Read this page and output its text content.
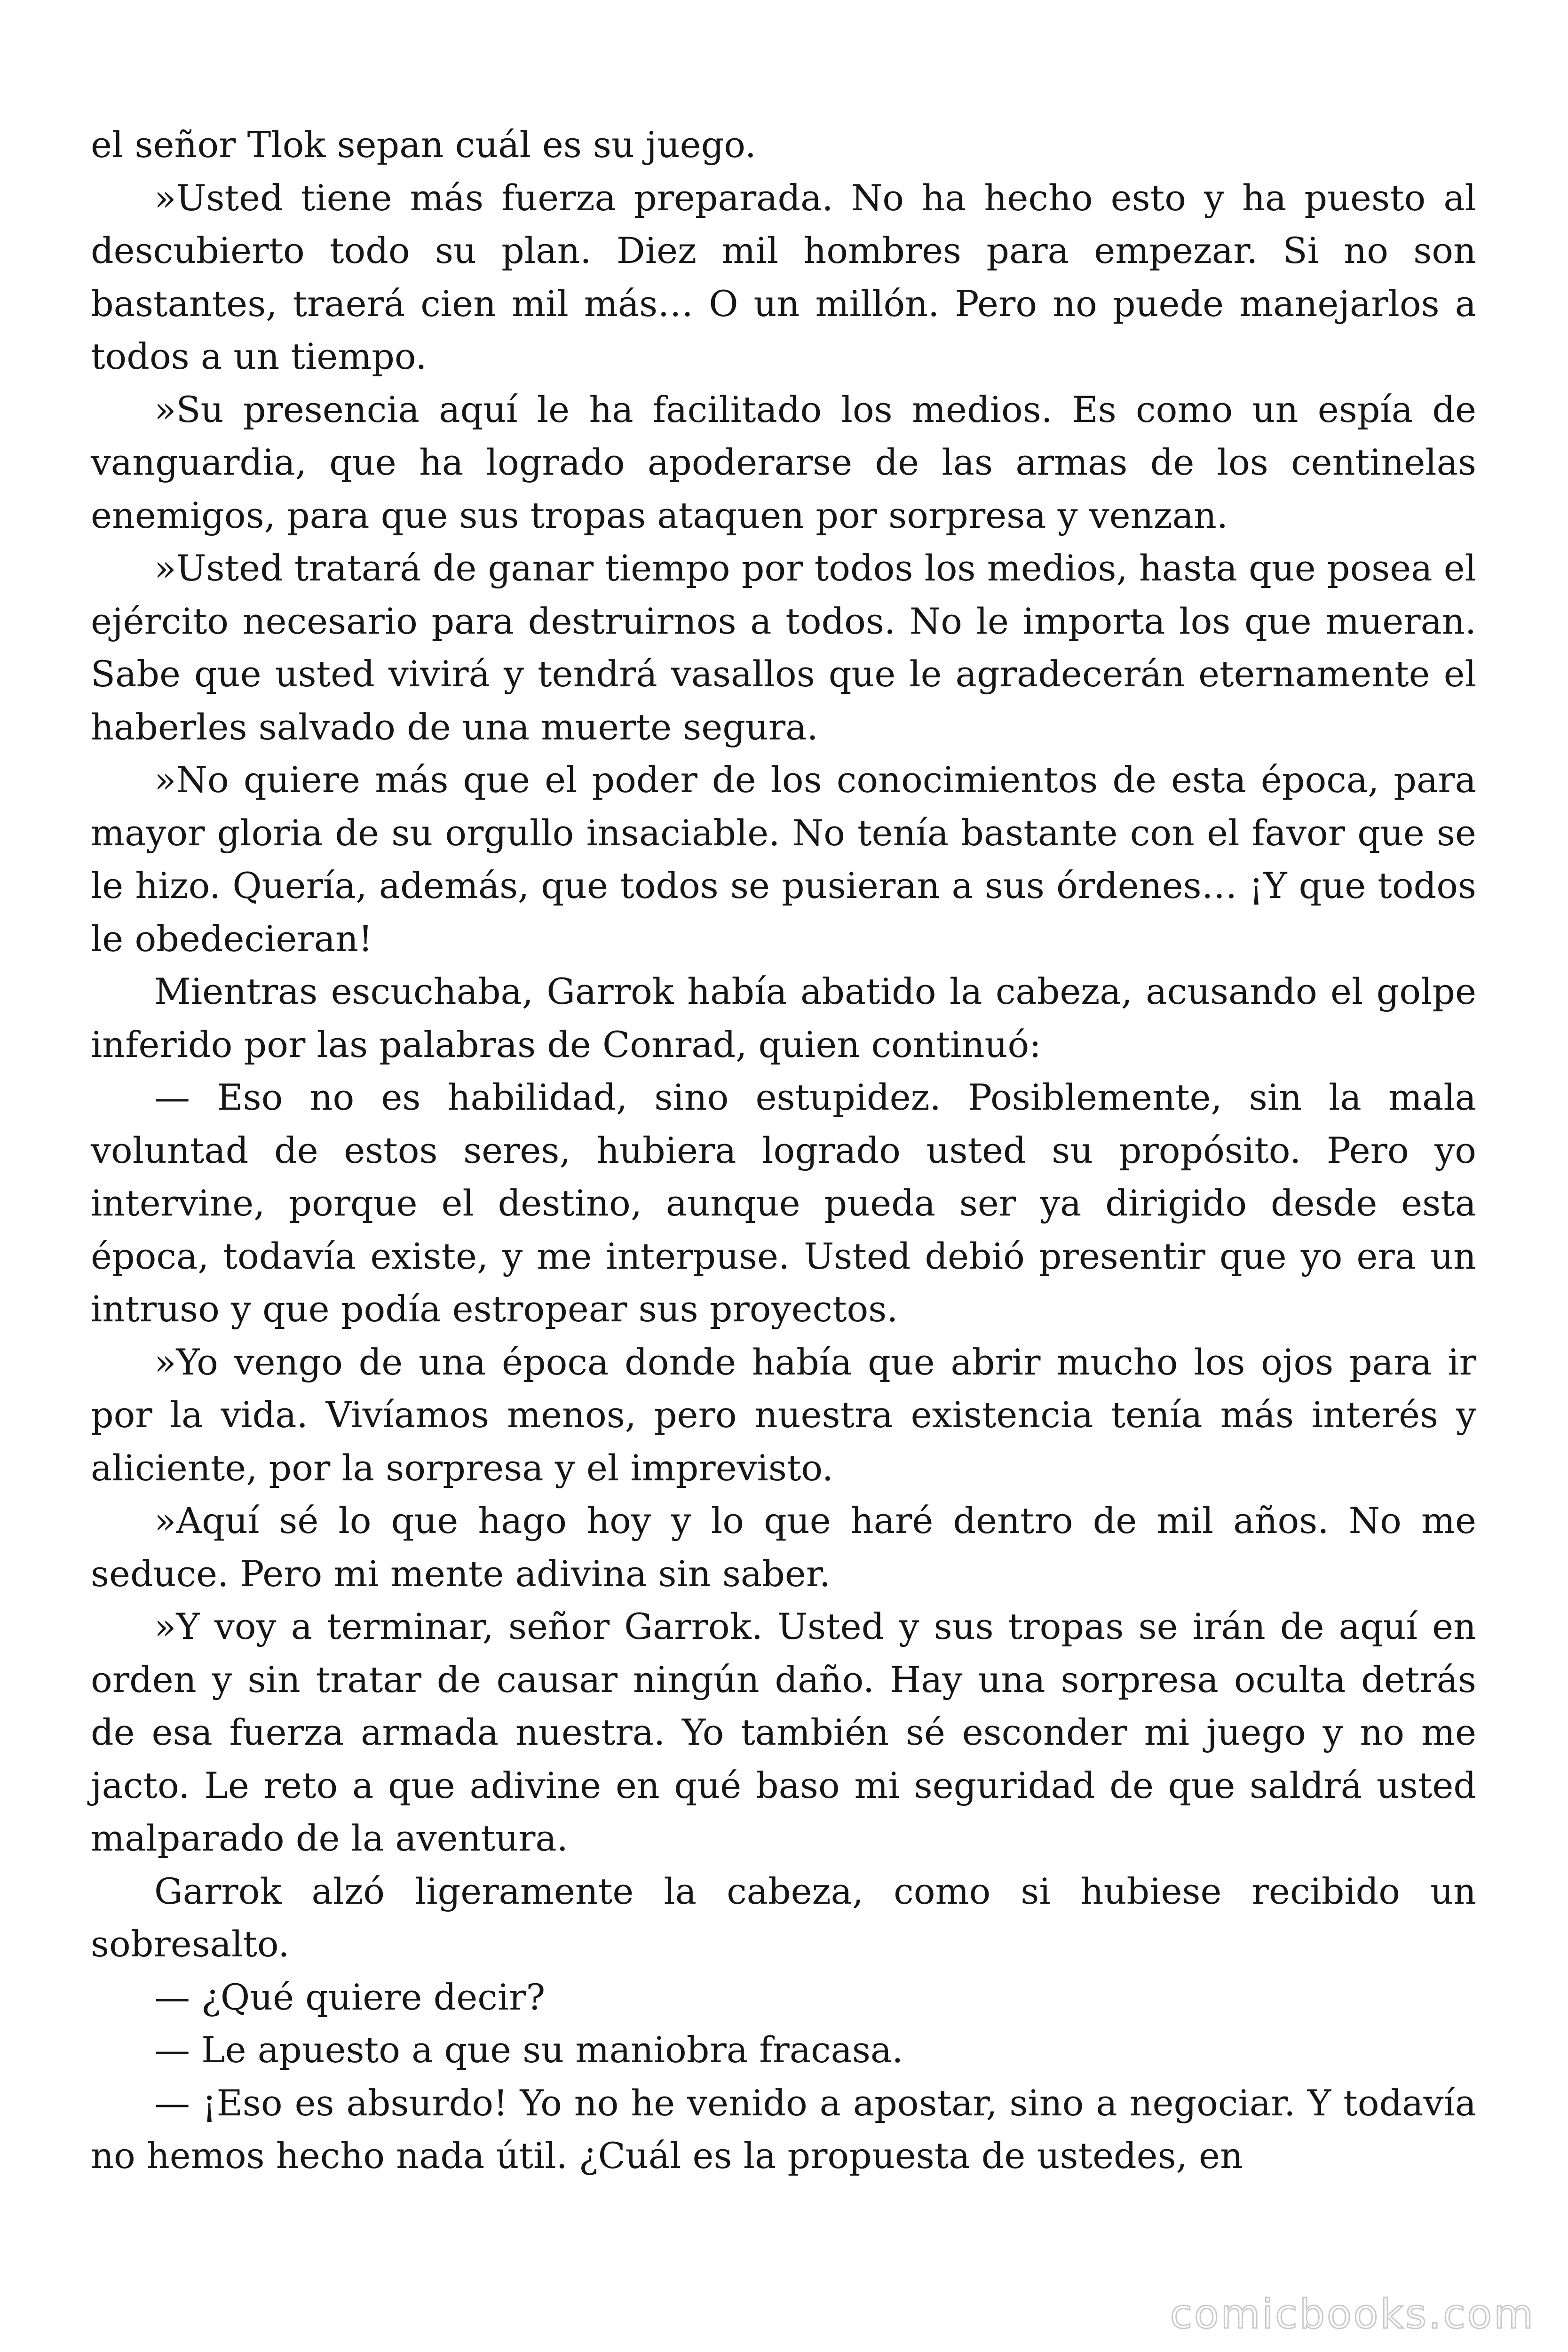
el señor Tlok sepan cuál es su juego.

»Usted tiene más fuerza preparada. No ha hecho esto y ha puesto al descubierto todo su plan. Diez mil hombres para empezar. Si no son bastantes, traerá cien mil más… O un millón. Pero no puede manejarlos a todos a un tiempo.

»Su presencia aquí le ha facilitado los medios. Es como un espía de vanguardia, que ha logrado apoderarse de las armas de los centinelas enemigos, para que sus tropas ataquen por sorpresa y venzan.

»Usted tratará de ganar tiempo por todos los medios, hasta que posea el ejército necesario para destruirnos a todos. No le importa los que mueran. Sabe que usted vivirá y tendrá vasallos que le agradecerán eternamente el haberles salvado de una muerte segura.

»No quiere más que el poder de los conocimientos de esta época, para mayor gloria de su orgullo insaciable. No tenía bastante con el favor que se le hizo. Quería, además, que todos se pusieran a sus órdenes… ¡Y que todos le obedecieran!

Mientras escuchaba, Garrok había abatido la cabeza, acusando el golpe inferido por las palabras de Conrad, quien continuó:

— Eso no es habilidad, sino estupidez. Posiblemente, sin la mala voluntad de estos seres, hubiera logrado usted su propósito. Pero yo intervine, porque el destino, aunque pueda ser ya dirigido desde esta época, todavía existe, y me interpuse. Usted debió presentir que yo era un intruso y que podía estropear sus proyectos.

»Yo vengo de una época donde había que abrir mucho los ojos para ir por la vida. Vivíamos menos, pero nuestra existencia tenía más interés y aliciente, por la sorpresa y el imprevisto.

»Aquí sé lo que hago hoy y lo que haré dentro de mil años. No me seduce. Pero mi mente adivina sin saber.

»Y voy a terminar, señor Garrok. Usted y sus tropas se irán de aquí en orden y sin tratar de causar ningún daño. Hay una sorpresa oculta detrás de esa fuerza armada nuestra. Yo también sé esconder mi juego y no me jacto. Le reto a que adivine en qué baso mi seguridad de que saldrá usted malparado de la aventura.

Garrok alzó ligeramente la cabeza, como si hubiese recibido un sobresalto.

— ¿Qué quiere decir?

— Le apuesto a que su maniobra fracasa.

— ¡Eso es absurdo! Yo no he venido a apostar, sino a negociar. Y todavía no hemos hecho nada útil. ¿Cuál es la propuesta de ustedes, en

comicbooks.com
